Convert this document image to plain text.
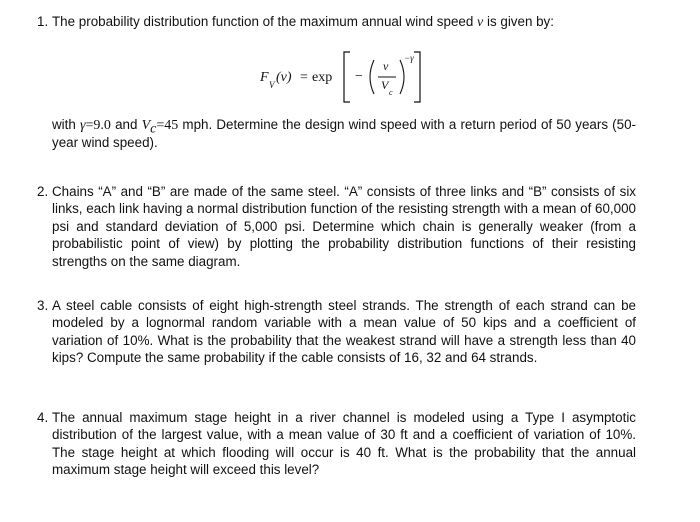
1. The probability distribution function of the maximum annual wind speed v is given by:

F V (v) = exp −
v
V
c
−γ

with γ=9.0 and $V_c=45$ mph. Determine the design wind speed with a return period of 50 years (50-year wind speed).

2. Chains “A” and “B” are made of the same steel. “A” consists of three links and “B” consists of six links, each link having a normal distribution function of the resisting strength with a mean of 60,000 psi and standard deviation of 5,000 psi. Determine which chain is generally weaker (from a probabilistic point of view) by plotting the probability distribution functions of their resisting strengths on the same diagram.

3. A steel cable consists of eight high-strength steel strands. The strength of each strand can be modeled by a lognormal random variable with a mean value of 50 kips and a coefficient of variation of 10%. What is the probability that the weakest strand will have a strength less than 40 kips? Compute the same probability if the cable consists of 16, 32 and 64 strands.

4. The annual maximum stage height in a river channel is modeled using a Type I asymptotic distribution of the largest value, with a mean value of 30 ft and a coefficient of variation of 10%. The stage height at which flooding will occur is 40 ft. What is the probability that the annual maximum stage height will exceed this level?
